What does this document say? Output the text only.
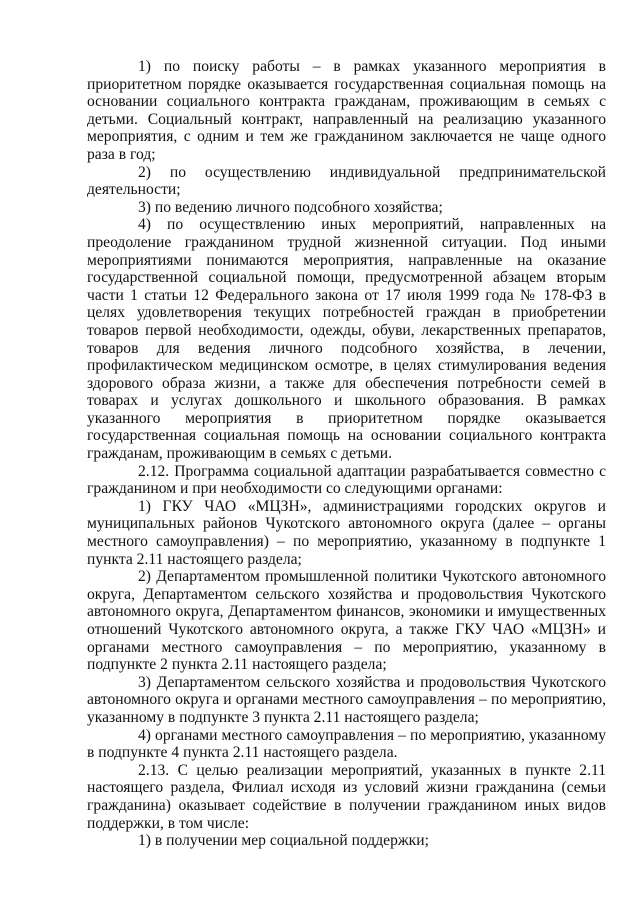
1) по поиску работы – в рамках указанного мероприятия в приоритетном порядке оказывается государственная социальная помощь на основании социального контракта гражданам, проживающим в семьях с детьми. Социальный контракт, направленный на реализацию указанного мероприятия, с одним и тем же гражданином заключается не чаще одного раза в год;

2) по осуществлению индивидуальной предпринимательской деятельности;

3) по ведению личного подсобного хозяйства;

4) по осуществлению иных мероприятий, направленных на преодоление гражданином трудной жизненной ситуации. Под иными мероприятиями понимаются мероприятия, направленные на оказание государственной социальной помощи, предусмотренной абзацем вторым части 1 статьи 12 Федерального закона от 17 июля 1999 года № 178-ФЗ в целях удовлетворения текущих потребностей граждан в приобретении товаров первой необходимости, одежды, обуви, лекарственных препаратов, товаров для ведения личного подсобного хозяйства, в лечении, профилактическом медицинском осмотре, в целях стимулирования ведения здорового образа жизни, а также для обеспечения потребности семей в товарах и услугах дошкольного и школьного образования. В рамках указанного мероприятия в приоритетном порядке оказывается государственная социальная помощь на основании социального контракта гражданам, проживающим в семьях с детьми.

2.12. Программа социальной адаптации разрабатывается совместно с гражданином и при необходимости со следующими органами:

1) ГКУ ЧАО «МЦЗН», администрациями городских округов и муниципальных районов Чукотского автономного округа (далее – органы местного самоуправления) – по мероприятию, указанному в подпункте 1 пункта 2.11 настоящего раздела;

2) Департаментом промышленной политики Чукотского автономного округа, Департаментом сельского хозяйства и продовольствия Чукотского автономного округа, Департаментом финансов, экономики и имущественных отношений Чукотского автономного округа, а также ГКУ ЧАО «МЦЗН» и органами местного самоуправления – по мероприятию, указанному в подпункте 2 пункта 2.11 настоящего раздела;

3) Департаментом сельского хозяйства и продовольствия Чукотского автономного округа и органами местного самоуправления – по мероприятию, указанному в подпункте 3 пункта 2.11 настоящего раздела;

4) органами местного самоуправления – по мероприятию, указанному в подпункте 4 пункта 2.11 настоящего раздела.

2.13. С целью реализации мероприятий, указанных в пункте 2.11 настоящего раздела, Филиал исходя из условий жизни гражданина (семьи гражданина) оказывает содействие в получении гражданином иных видов поддержки, в том числе:

1) в получении мер социальной поддержки;
